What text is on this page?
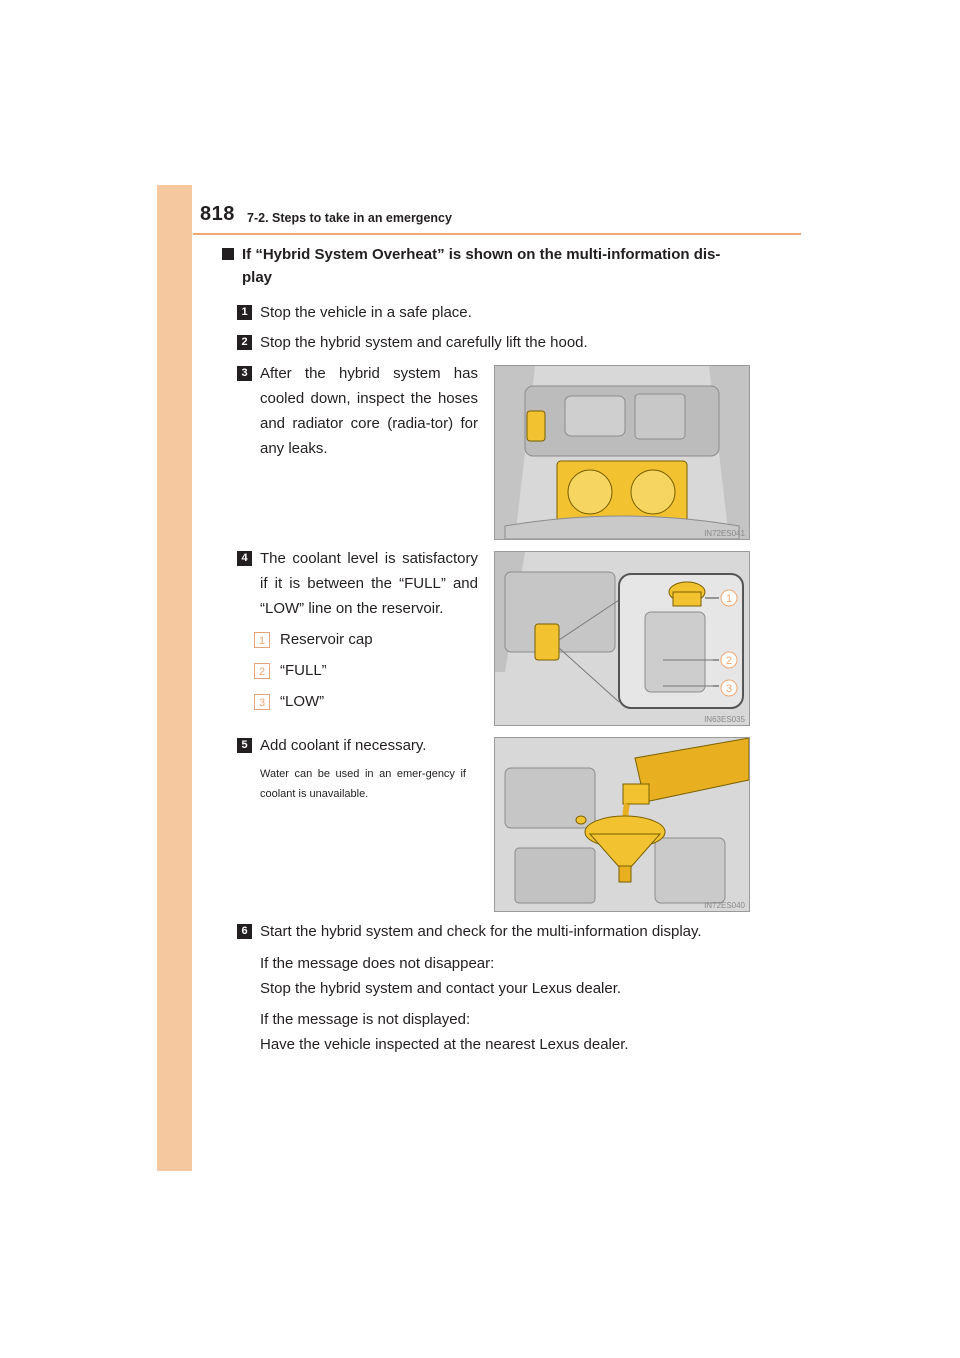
818 7-2. Steps to take in an emergency
If “Hybrid System Overheat” is shown on the multi-information dis-
play
1 Stop the vehicle in a safe place.
2 Stop the hybrid system and carefully lift the hood.
3 After the hybrid system has cooled down, inspect the hoses and radiator core (radia-tor) for any leaks.
IN72ES041
4 The coolant level is satisfactory if it is between the “FULL” and “LOW” line on the reservoir.
1 Reservoir cap
2 “FULL”
3 “LOW”
1
2
3
IN63ES035
5 Add coolant if necessary.
Water can be used in an emer-gency if coolant is unavailable.
IN72ES040
6 Start the hybrid system and check for the multi-information display.
If the message does not disappear:
Stop the hybrid system and contact your Lexus dealer.
If the message is not displayed:
Have the vehicle inspected at the nearest Lexus dealer.
